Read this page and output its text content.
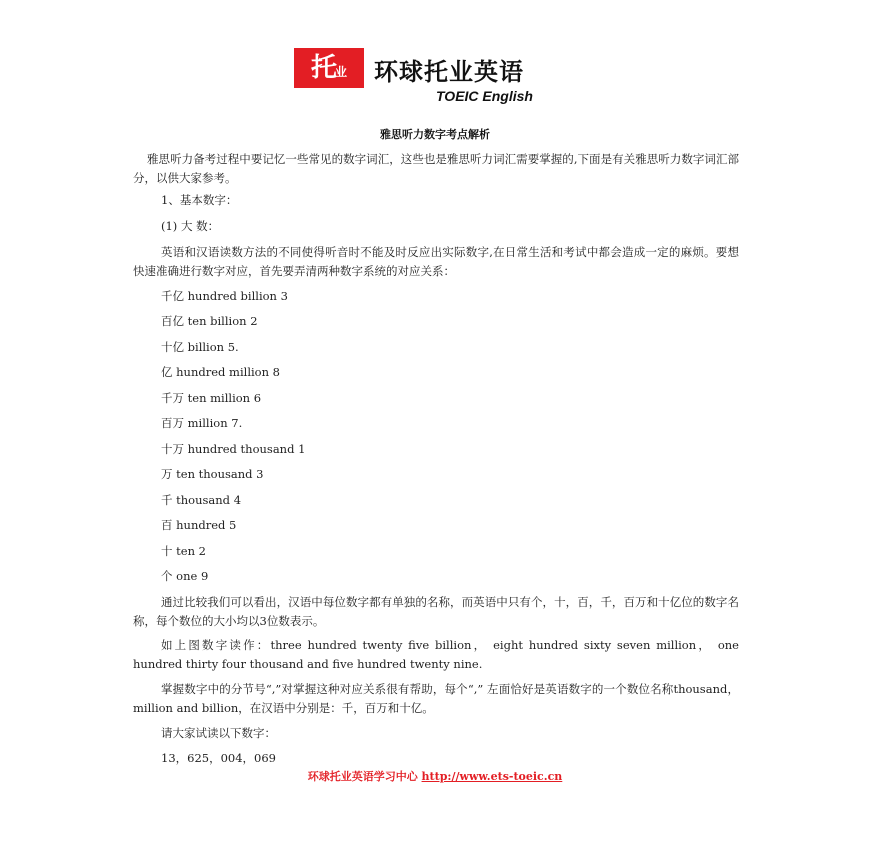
托业	环球托业英语
TOEIC English
雅思听力数字考点解析
雅思听力备考过程中要记忆一些常见的数字词汇，这些也是雅思听力词汇需要掌握的,下面是有关雅思听力数字词汇部分，以供大家参考。
1、基本数字：
(1) 大 数：
英语和汉语读数方法的不同使得听音时不能及时反应出实际数字,在日常生活和考试中都会造成一定的麻烦。要想快速准确进行数字对应，首先要弄清两种数字系统的对应关系：
千亿 hundred billion 3
百亿 ten billion 2
十亿 billion 5.
亿 hundred million 8
千万 ten million 6
百万 million 7.
十万 hundred thousand 1
万 ten thousand 3
千 thousand 4
百 hundred 5
十 ten 2
个 one 9
通过比较我们可以看出，汉语中每位数字都有单独的名称，而英语中只有个，十，百，千，百万和十亿位的数字名称，每个数位的大小均以3位数表示。
如上图数字读作：three hundred twenty five billion， eight hundred sixty seven million， one hundred thirty four thousand and five hundred twenty nine.
掌握数字中的分节号“,”对掌握这种对应关系很有帮助，每个“,” 左面恰好是英语数字的一个数位名称thousand， million and billion，在汉语中分别是：千，百万和十亿。
请大家试读以下数字：
13，625，004，069
环球托业英语学习中心 http://www.ets-toeic.cn
